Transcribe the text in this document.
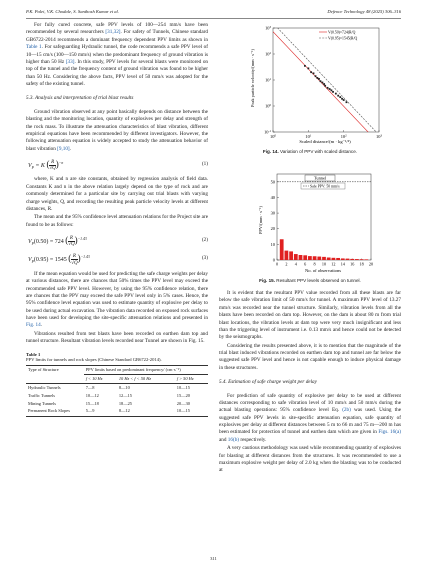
P.K. Palei, V.K. Chodale, S. Santhosh Kumar et al.	Defence Technology 48 (2025) 306–316

For fully cured concrete, safe PPV levels of 100—254 mm/s have been recommended by several researchers [31,32]. For safety of Tunnels, Chinese standard GB6722-2014 recommends a dominant frequency dependent PPV limits as shown in Table 1. For safeguarding Hydraulic tunnel, the code recommends a safe PPV level of 10—15 cm/s (100—150 mm/s) when the predominant frequency of ground vibration is higher than 50 Hz [33]. In this study, PPV levels for several blasts were monitored on top of the tunnel and the frequency content of ground vibration was found to be higher than 50 Hz. Considering the above facts, PPV level of 50 mm/s was adopted for the safety of the existing tunnel.

5.3. Analysis and interpretation of trial blast results

Ground vibration observed at any point basically depends on distance between the blasting and the monitoring location, quantity of explosives per delay and strength of the rock mass. To illustrate the attenuation characteristics of blast vibration, different empirical equations have been recommended by different investigators. However, the following attenuation equation is widely accepted to study the attenuation behavior of blast vibration [9,10].

$V_P = K$ ( $\frac{R}{√Q} )^{-n}$	(1)

where, K and n are site constants, obtained by regression analysis of field data. Constants K and n in the above relation largely depend on the type of rock and are commonly determined for a particular site by carrying out trial blasts with varying charge weights, Q, and recording the resulting peak particle velocity levels at different distances, R.

The mean and the 95% confidence level attenuation relations for the Project site are found to be as follows:

$V_P(0.50) = 724$ ( $\frac{R}{√Q} )^{-1.43}$	(2)
$V_P(0.95) = 1545$ ( $\frac{R}{√Q} )^{-1.43}$	(3)

If the mean equation would be used for predicting the safe charge weights per delay at various distances, there are chances that 50% times the PPV level may exceed the recommended safe PPV level. However, by using the 95% confidence relation, there are chances that the PPV may exceed the safe PPV level only in 5% cases. Hence, the 95% confidence level equation was used to estimate quantity of explosive per delay to be used during actual excavation. The vibration data recorded on exposed rock surfaces have been used for developing the site-specific attenuation relations and presented in Fig. 14.

Vibrations resulted from test blasts have been recorded on earthen dam top and tunnel structure. Resultant vibration levels recorded near Tunnel are shown in Fig. 15.

Table 1
PPV limits for tunnels and rock slopes (Chinese Standard GB6722-2014).
Type of Structure	PPV limits based on predominant frequency/ (cm·s⁻¹)		
	f < 10 Hz	10 Hz < f < 50 Hz	f > 50 Hz
Hydraulic Tunnels	7—8	8—10	10—15
Traffic Tunnels	10—12	12—15	15—20
Mining Tunnels	15—18	18—25	20—30
Permanent Rock Slopes	5—9	8—12	10—15
$10^0$	$10^1$	$10^2$	$10^3$
$10^{-1}$
$10^0$
$10^1$
$10^2$
$10^3$
V(0.50)=724(R/Q
V(0.95)=1545(R/Q
Peak particle velocity/(mm · s⁻¹)
Scaled distance/(m · kg⁻¹/²)
Fig. 14. Variation of PPV with scaled distance.
0
10
20
30
40
50
0 2 4 6 8 10 12 14 16 18 20
Tunnel
Safe PPV: 50 mm/s
PPV/(mm · s⁻¹)
No. of observations
Fig. 15. Resultant PPV levels observed on tunnel.

It is evident that the resultant PPV value recorded from all these blasts are far below the safe vibration limit of 50 mm/s for tunnel. A maximum PPV level of 13.27 mm/s was recorded near the tunnel structure. Similarly, vibration levels from all the blasts have been recorded on dam top. However, on the dam is about 80 m from trial blast locations, the vibration levels at dam top were very much insignificant and less than the triggering level of instrument i.e. 0.13 mm/s and hence could not be detected by the seismographs.

Considering the results presented above, it is to mention that the magnitude of the trial blast induced vibrations recorded on earthen dam top and tunnel are far below the suggested safe PPV level and hence is not capable enough to induce physical damage in these structures.

5.4. Estimation of safe charge weight per delay

For prediction of safe quantity of explosive per delay to be used at different distances corresponding to safe vibration level of 10 mm/s and 50 mm/s during the actual blasting operations: 95% confidence level Eq. (2b) was used. Using the suggested safe PPV levels in site-specific attenuation equation, safe quantity of explosives per delay at different distances between 5 m to 66 m and 75 m—200 m has been estimated for protection of tunnel and earthen dam which are given in Figs. 16(a) and 16(b) respectively.

A very cautious methodology was used while recommending quantity of explosives for blasting at different distances from the structures. It was recommended to use a maximum explosive weight per delay of 2.0 kg when the blasting was to be conducted at

311
